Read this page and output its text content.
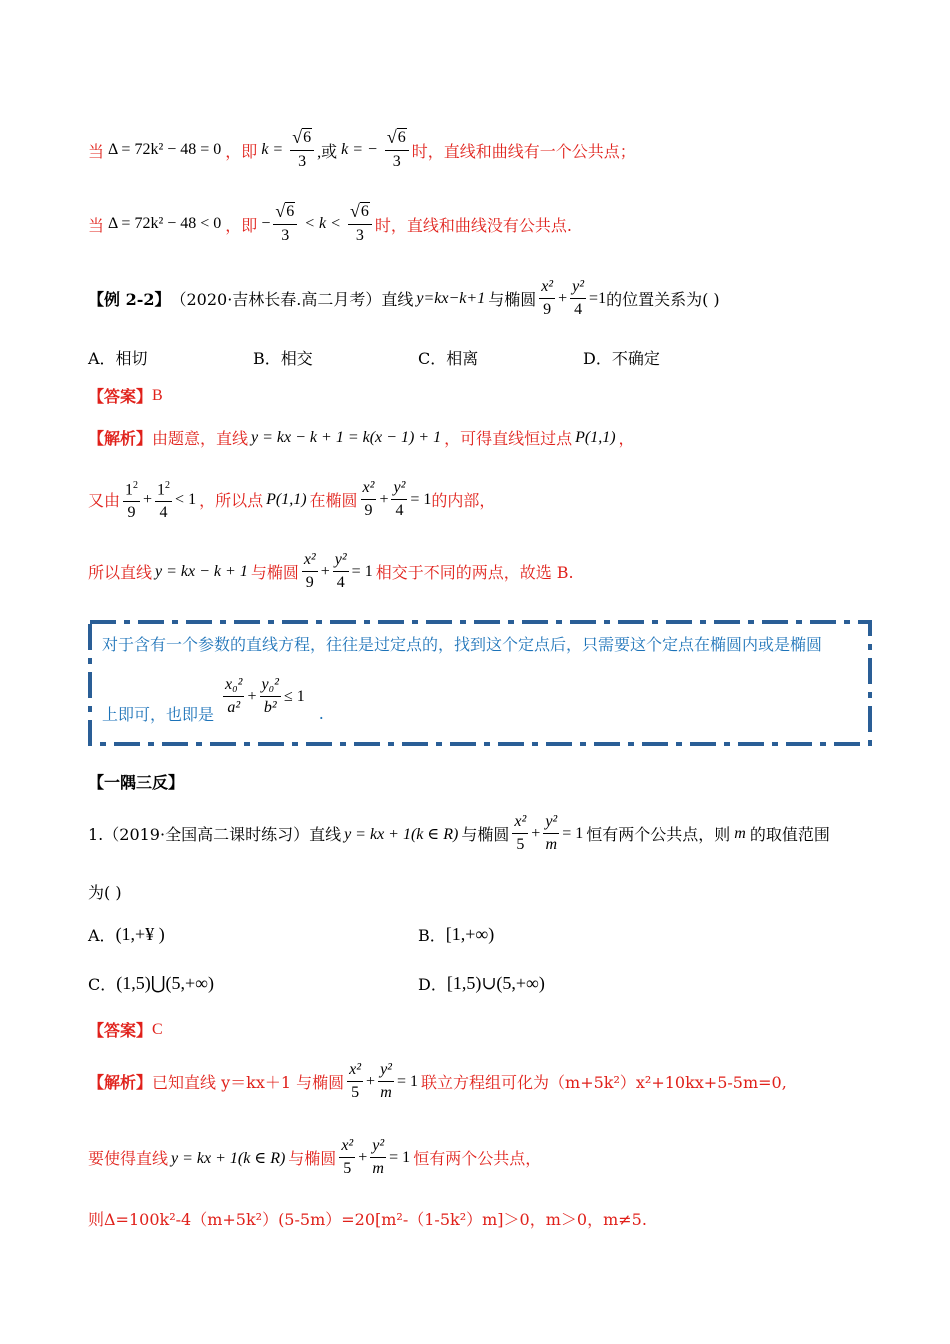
当 Δ = 72k² − 48 = 0 ，即 $k = \frac{√ 6}{3}$ ,或 k = − $\frac{√ 6}{3}$ 时，直线和曲线有一个公共点；
当 Δ = 72k² − 48 < 0 ，即 − $\frac{√ 6}{3} < k < \frac{√ 6}{3}$ 时，直线和曲线没有公共点.
【例 2-2】 （2020·吉林长春.高二月考）直线 y=kx−k+1 与椭圆 $\frac{\text{x²}}{9} + \frac{\text{y²}}{4} =1$ 的位置关系为( )
A．相切	B．相交	C．相离	D．不确定
【答案】 B
【解析】 由题意，直线 y = kx − k + 1 = k(x − 1) + 1 ，可得直线恒过点 P(1,1) ，
又由 $\frac{1^2}{9} + \frac{1^2}{4} < 1$ ，所以点 P(1,1) 在椭圆 $\frac{\text{x²}}{9} + \frac{\text{y²}}{4} = 1$ 的内部，
所以直线 y = kx − k + 1 与椭圆 $\frac{\text{x²}}{9} + \frac{\text{y²}}{4} = 1$ 相交于不同的两点，故选 B.
对于含有一个参数的直线方程，往往是过定点的，找到这个定点后，只需要这个定点在椭圆内或是椭圆
上即可，也即是 $\frac{\text{x₀²}}{\text{a²}} + \frac{\text{y₀²}}{\text{b²}} \le 1$
.
【一隅三反】
1.（2019·全国高二课时练习）直线 y = kx + 1(k ∈ R) 与椭圆 $\frac{\text{x²}}{5} + \frac{\text{y²}}{m} = 1$ 恒有两个公共点，则 m 的取值范围
为( )
A． (1,+¥ )	B． [1,+∞)
C． (1,5)⋃(5,+∞)	D． [1,5)∪(5,+∞)
【答案】 C
【解析】 已知直线 y＝kx＋1 与椭圆 $\frac{\text{x²}}{5} + \frac{\text{y²}}{m} = 1$ 联立方程组可化为（m+5k²）x²+10kx+5-5m=0,
要使得直线 y = kx + 1(k ∈ R) 与椭圆 $\frac{\text{x²}}{5} + \frac{\text{y²}}{m} = 1$ 恒有两个公共点，
则Δ=100k²-4（m+5k²）(5-5m）=20[m²-（1-5k²）m]＞0，m＞0，m≠5.
